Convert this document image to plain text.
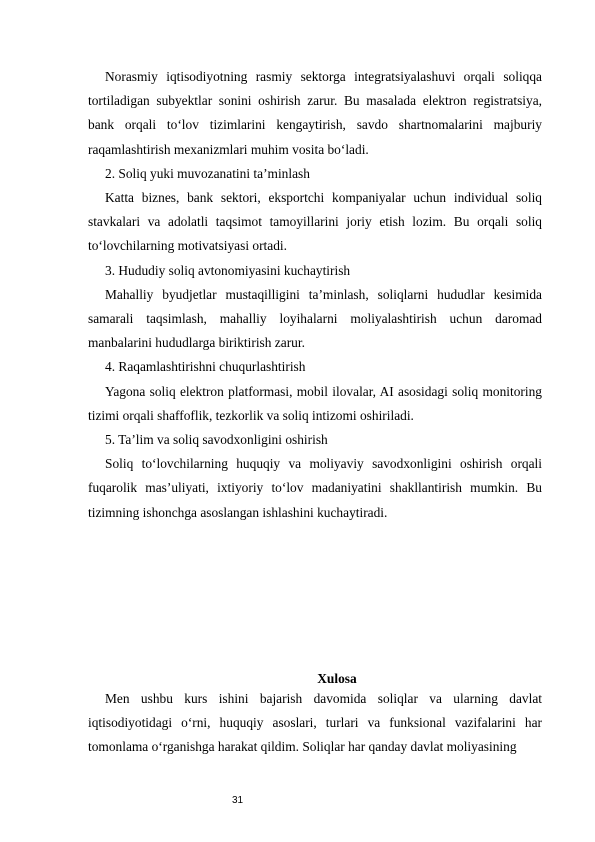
Norasmiy iqtisodiyotning rasmiy sektorga integratsiyalashuvi orqali soliqqa tortiladigan subyektlar sonini oshirish zarur. Bu masalada elektron registratsiya, bank orqali to‘lov tizimlarini kengaytirish, savdo shartnomalarini majburiy raqamlashtirish mexanizmlari muhim vosita bo‘ladi.

2. Soliq yuki muvozanatini ta’minlash

Katta biznes, bank sektori, eksportchi kompaniyalar uchun individual soliq stavkalari va adolatli taqsimot tamoyillarini joriy etish lozim. Bu orqali soliq to‘lovchilarning motivatsiyasi ortadi.

3. Hududiy soliq avtonomiyasini kuchaytirish

Mahalliy byudjetlar mustaqilligini ta’minlash, soliqlarni hududlar kesimida samarali taqsimlash, mahalliy loyihalarni moliyalashtirish uchun daromad manbalarini hududlarga biriktirish zarur.

4. Raqamlashtirishni chuqurlashtirish

Yagona soliq elektron platformasi, mobil ilovalar, AI asosidagi soliq monitoring tizimi orqali shaffoflik, tezkorlik va soliq intizomi oshiriladi.

5. Ta’lim va soliq savodxonligini oshirish

Soliq to‘lovchilarning huquqiy va moliyaviy savodxonligini oshirish orqali fuqarolik mas’uliyati, ixtiyoriy to‘lov madaniyatini shakllantirish mumkin. Bu tizimning ishonchga asoslangan ishlashini kuchaytiradi.

Xulosa

Men ushbu kurs ishini bajarish davomida soliqlar va ularning davlat iqtisodiyotidagi o‘rni, huquqiy asoslari, turlari va funksional vazifalarini har tomonlama o‘rganishga harakat qildim. Soliqlar har qanday davlat moliyasining

31
